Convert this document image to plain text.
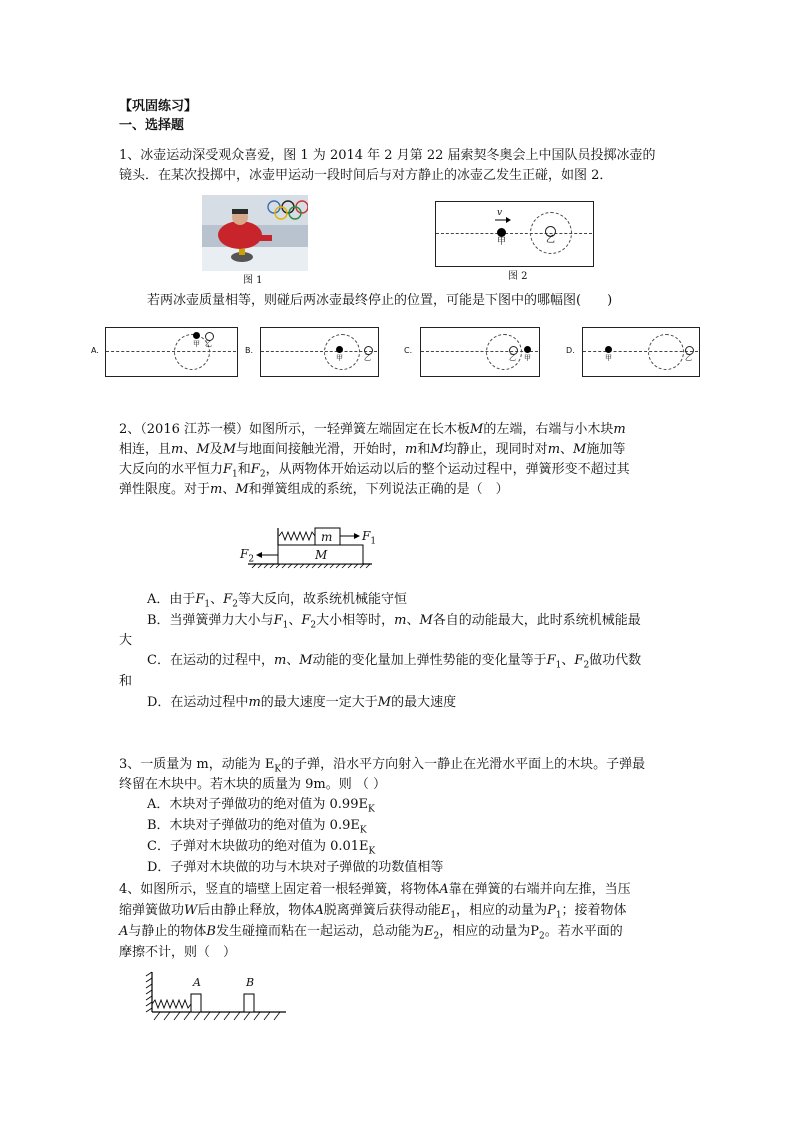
【巩固练习】
一、选择题
1、冰壶运动深受观众喜爱，图 1 为 2014 年 2 月第 22 届索契冬奥会上中国队员投掷冰壶的
镜头．在某次投掷中，冰壶甲运动一段时间后与对方静止的冰壶乙发生正碰，如图 2．
图 1
甲	乙
v
图 2
若两冰壶质量相等，则碰后两冰壶最终停止的位置，可能是下图中的哪幅图(　　)
A.
甲 乙
B.
甲	乙
C.
乙 甲
D.
甲	乙
2、（2016 江苏一模）如图所示，一轻弹簧左端固定在长木板M的左端，右端与小木块m
相连，且m、M及M与地面间接触光滑，开始时，m和M均静止，现同时对m、M施加等
大反向的水平恒力$F_1$和$F_2$，从两物体开始运动以后的整个运动过程中，弹簧形变不超过其
弹性限度。对于m、M和弹簧组成的系统，下列说法正确的是（　）
m
M
$F_1$
$F_2$
A．由于$F_1$、$F_2$等大反向，故系统机械能守恒
B．当弹簧弹力大小与$F_1$、$F_2$大小相等时，m、M各自的动能最大，此时系统机械能最
大
C．在运动的过程中，m、M动能的变化量加上弹性势能的变化量等于$F_1$、$F_2$做功代数
和
D．在运动过程中m的最大速度一定大于M的最大速度
3、一质量为 m，动能为 $E_K$的子弹，沿水平方向射入一静止在光滑水平面上的木块。子弹最
终留在木块中。若木块的质量为 9m。则 （ ）
A．木块对子弹做功的绝对值为 $0.99E_K$
B．木块对子弹做功的绝对值为 $0.9E_K$
C．子弹对木块做功的绝对值为 $0.01E_K$
D．子弹对木块做的功与木块对子弹做的功数值相等
4、如图所示，竖直的墙壁上固定着一根轻弹簧，将物体A靠在弹簧的右端并向左推，当压
缩弹簧做功W后由静止释放，物体A脱离弹簧后获得动能$E_1$，相应的动量为$P_1$；接着物体
A与静止的物体B发生碰撞而粘在一起运动，总动能为$E_2$，相应的动量为$P_2$。若水平面的
摩擦不计，则（　）
A	B
